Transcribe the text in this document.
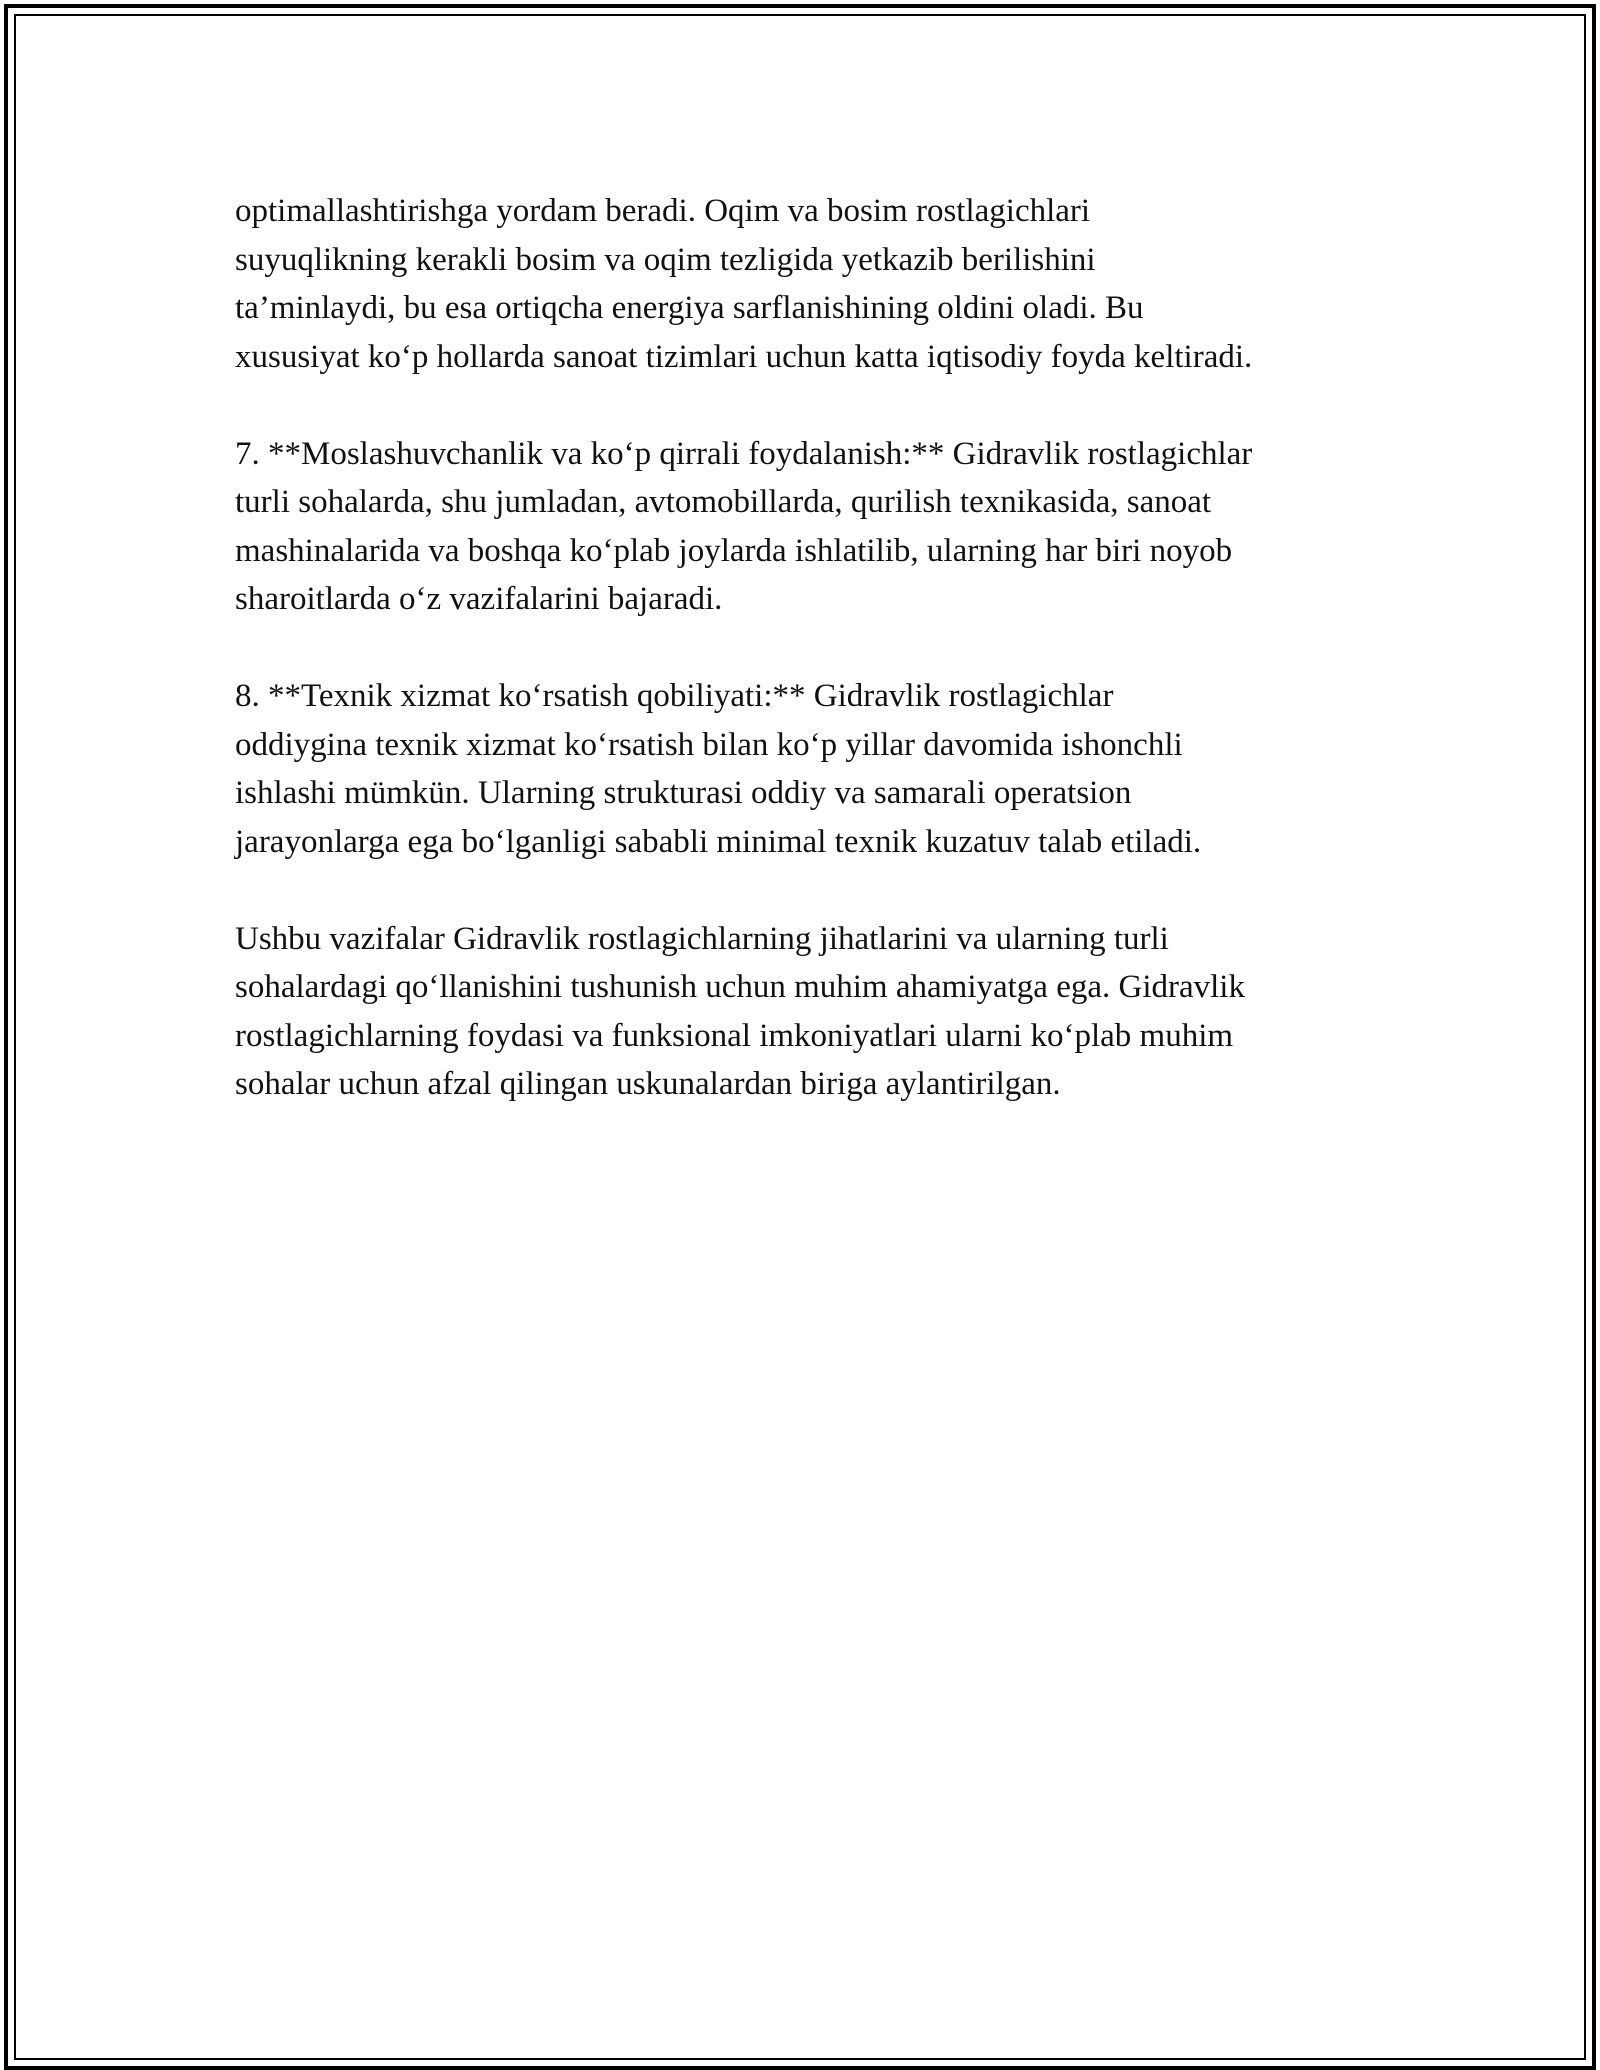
optimallashtirishga yordam beradi. Oqim va bosim rostlagichlari
suyuqlikning kerakli bosim va oqim tezligida yetkazib berilishini
ta’minlaydi, bu esa ortiqcha energiya sarflanishining oldini oladi. Bu
xususiyat ko‘p hollarda sanoat tizimlari uchun katta iqtisodiy foyda keltiradi.

7. **Moslashuvchanlik va ko‘p qirrali foydalanish:** Gidravlik rostlagichlar
turli sohalarda, shu jumladan, avtomobillarda, qurilish texnikasida, sanoat
mashinalarida va boshqa ko‘plab joylarda ishlatilib, ularning har biri noyob
sharoitlarda o‘z vazifalarini bajaradi.

8. **Texnik xizmat ko‘rsatish qobiliyati:** Gidravlik rostlagichlar
oddiygina texnik xizmat ko‘rsatish bilan ko‘p yillar davomida ishonchli
ishlashi mümkün. Ularning strukturasi oddiy va samarali operatsion
jarayonlarga ega bo‘lganligi sababli minimal texnik kuzatuv talab etiladi.

Ushbu vazifalar Gidravlik rostlagichlarning jihatlarini va ularning turli
sohalardagi qo‘llanishini tushunish uchun muhim ahamiyatga ega. Gidravlik
rostlagichlarning foydasi va funksional imkoniyatlari ularni ko‘plab muhim
sohalar uchun afzal qilingan uskunalardan biriga aylantirilgan.
